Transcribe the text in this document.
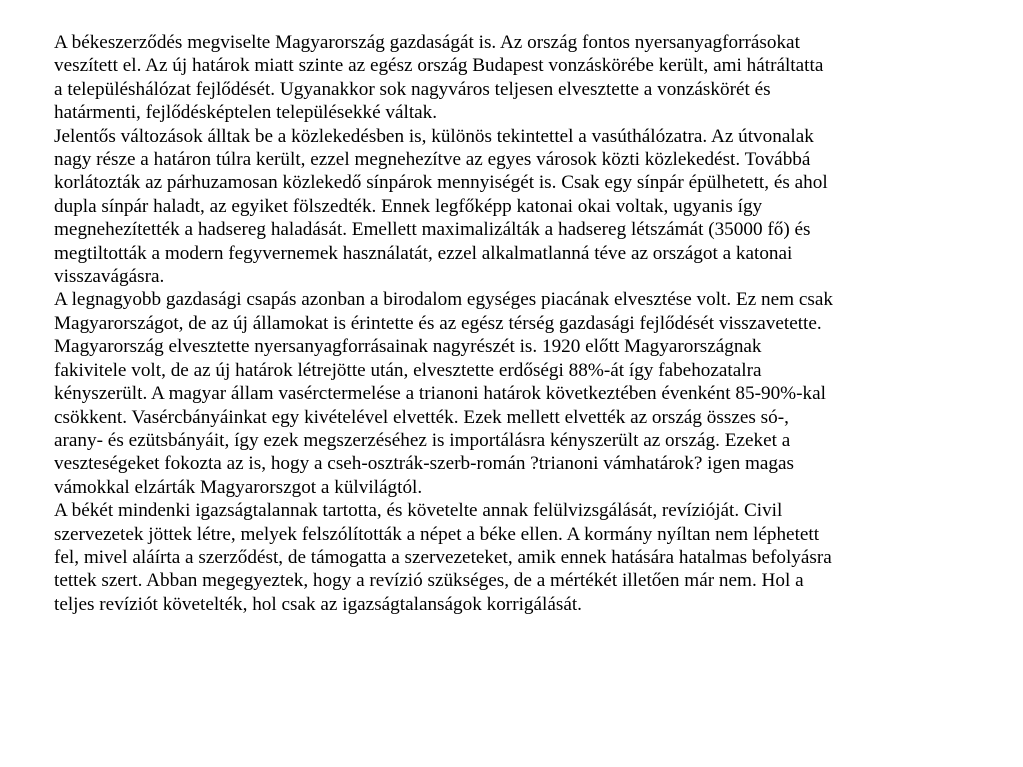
A békeszerződés megviselte Magyarország gazdaságát is. Az ország fontos nyersanyagforrásokat
veszített el. Az új határok miatt szinte az egész ország Budapest vonzáskörébe került, ami hátráltatta
a településhálózat fejlődését. Ugyanakkor sok nagyváros teljesen elvesztette a vonzáskörét és
határmenti, fejlődésképtelen településekké váltak.

Jelentős változások álltak be a közlekedésben is, különös tekintettel a vasúthálózatra. Az útvonalak
nagy része a határon túlra került, ezzel megnehezítve az egyes városok közti közlekedést. Továbbá
korlátozták az párhuzamosan közlekedő sínpárok mennyiségét is. Csak egy sínpár épülhetett, és ahol
dupla sínpár haladt, az egyiket fölszedték. Ennek legfőképp katonai okai voltak, ugyanis így
megnehezítették a hadsereg haladását. Emellett maximalizálták a hadsereg létszámát (35000 fő) és
megtiltották a modern fegyvernemek használatát, ezzel alkalmatlanná téve az országot a katonai
visszavágásra.

A legnagyobb gazdasági csapás azonban a birodalom egységes piacának elvesztése volt. Ez nem csak
Magyarországot, de az új államokat is érintette és az egész térség gazdasági fejlődését visszavetette.
Magyarország elvesztette nyersanyagforrásainak nagyrészét is. 1920 előtt Magyarországnak
fakivitele volt, de az új határok létrejötte után, elvesztette erdőségi 88%-át így fabehozatalra
kényszerült. A magyar állam vasérctermelése a trianoni határok következtében évenként 85-90%-kal
csökkent. Vasércbányáinkat egy kivételével elvették. Ezek mellett elvették az ország összes só-,
arany- és ezütsbányáit, így ezek megszerzéséhez is importálásra kényszerült az ország. Ezeket a
veszteségeket fokozta az is, hogy a cseh-osztrák-szerb-román ?trianoni vámhatárok? igen magas
vámokkal elzárták Magyarorszgot a külvilágtól.

A békét mindenki igazságtalannak tartotta, és követelte annak felülvizsgálását, revízióját. Civil
szervezetek jöttek létre, melyek felszólították a népet a béke ellen. A kormány nyíltan nem léphetett
fel, mivel aláírta a szerződést, de támogatta a szervezeteket, amik ennek hatására hatalmas befolyásra
tettek szert. Abban megegyeztek, hogy a revízió szükséges, de a mértékét illetően már nem. Hol a
teljes revíziót követelték, hol csak az igazságtalanságok korrigálását.
